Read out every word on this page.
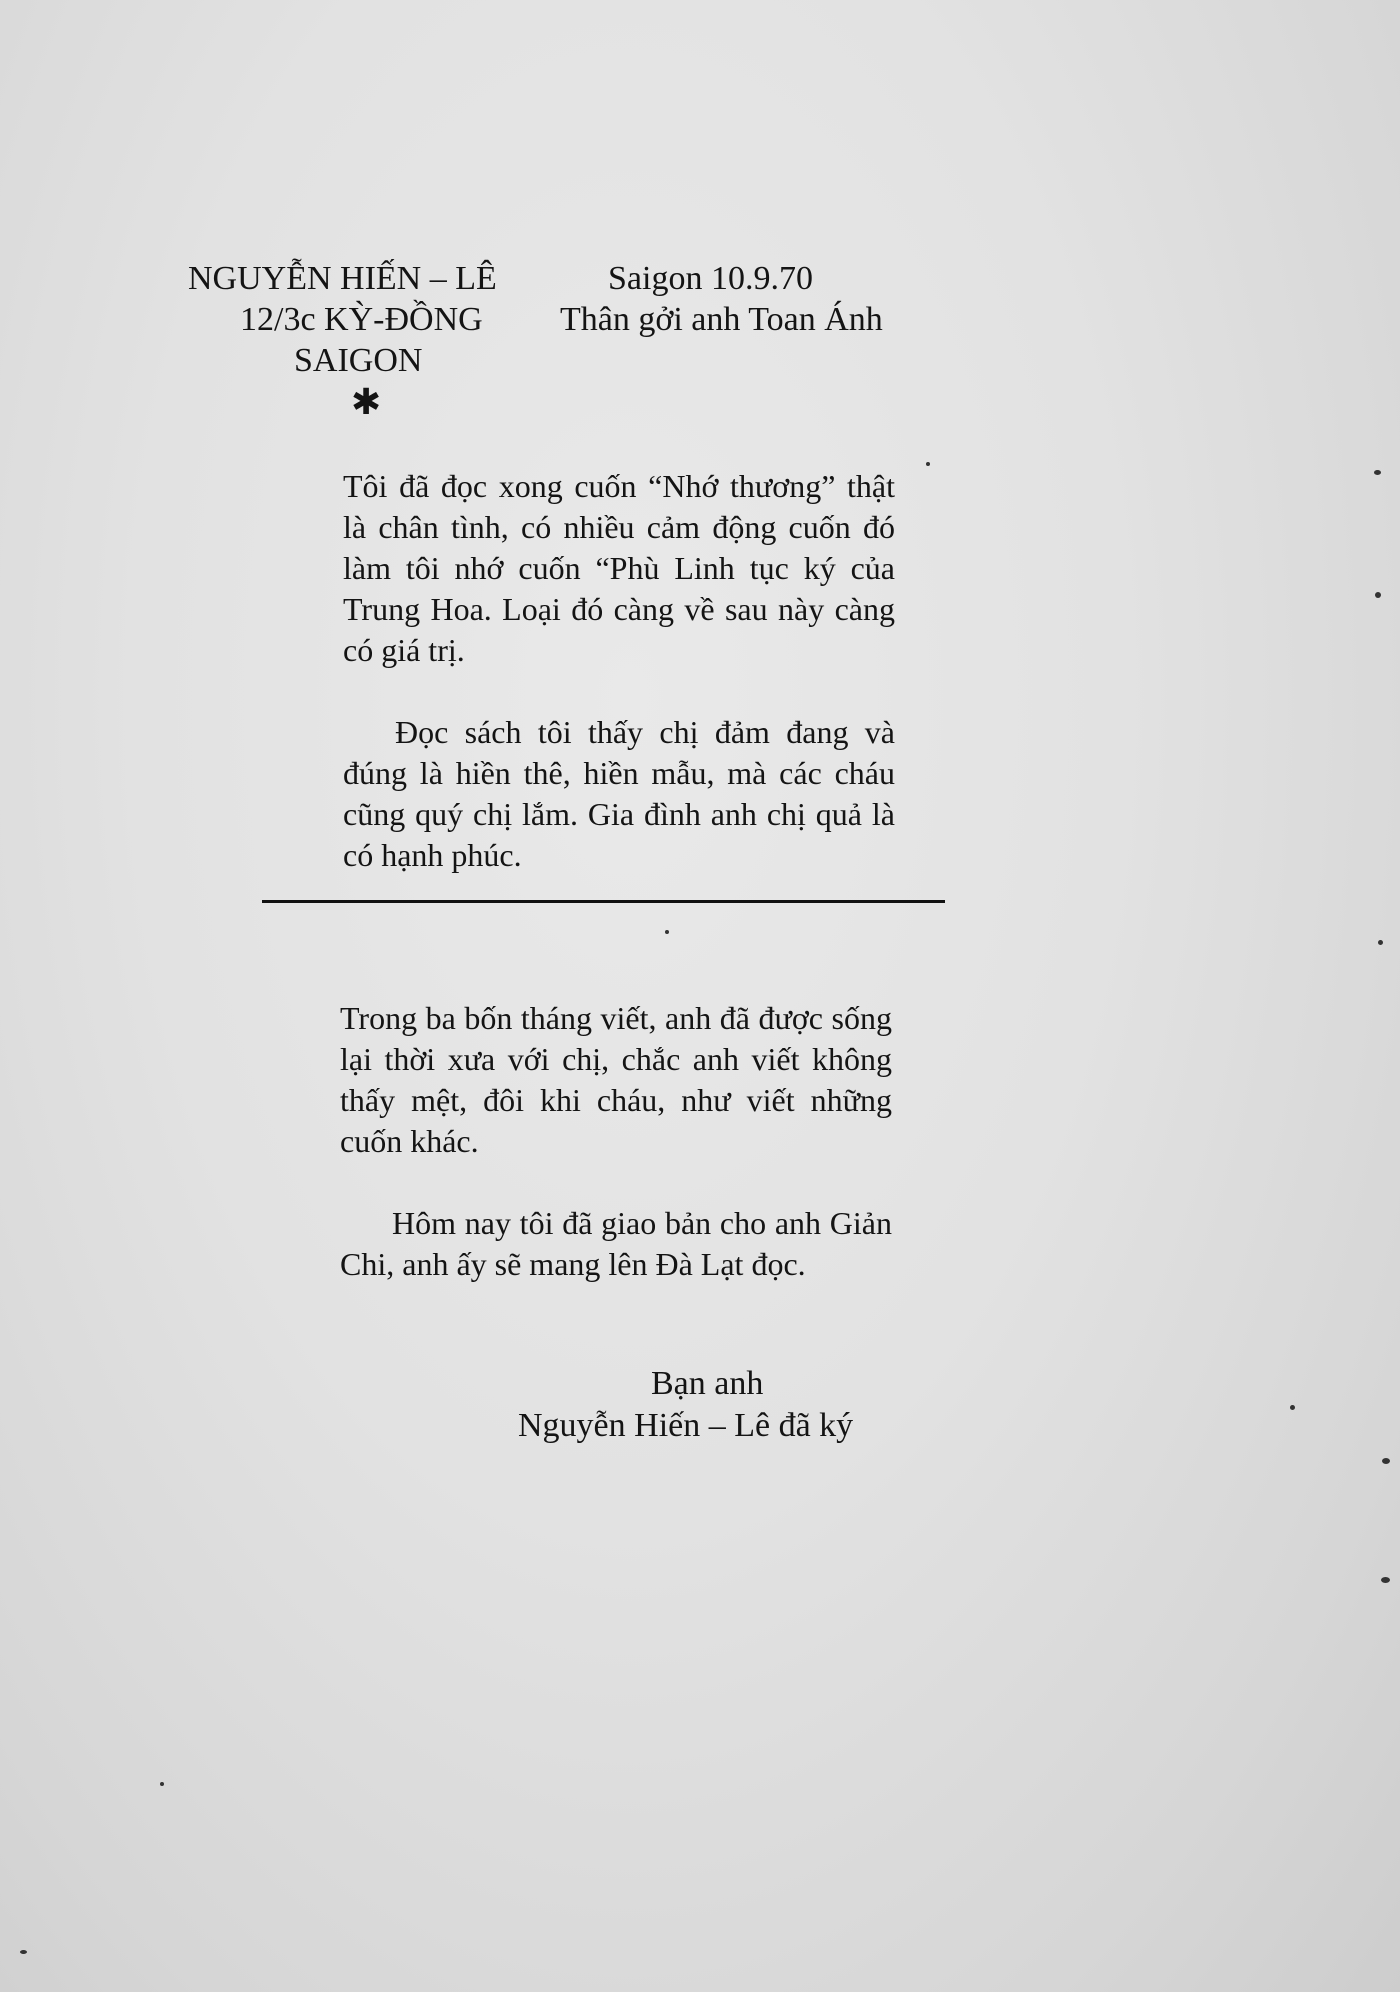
NGUYỄN HIẾN – LÊ
12/3c KỲ-ĐỒNG
SAIGON
✱
Saigon 10.9.70
Thân gởi anh Toan Ánh

Tôi đã đọc xong cuốn “Nhớ thương” thật là chân tình, có nhiều cảm động cuốn đó làm tôi nhớ cuốn “Phù Linh tục ký của Trung Hoa. Loại đó càng về sau này càng có giá trị.

Đọc sách tôi thấy chị đảm đang và đúng là hiền thê, hiền mẫu, mà các cháu cũng quý chị lắm. Gia đình anh chị quả là có hạnh phúc.

Trong ba bốn tháng viết, anh đã được sống lại thời xưa với chị, chắc anh viết không thấy mệt, đôi khi cháu, như viết những cuốn khác.

Hôm nay tôi đã giao bản cho anh Giản Chi, anh ấy sẽ mang lên Đà Lạt đọc.

Bạn anh
Nguyễn Hiến – Lê đã ký
